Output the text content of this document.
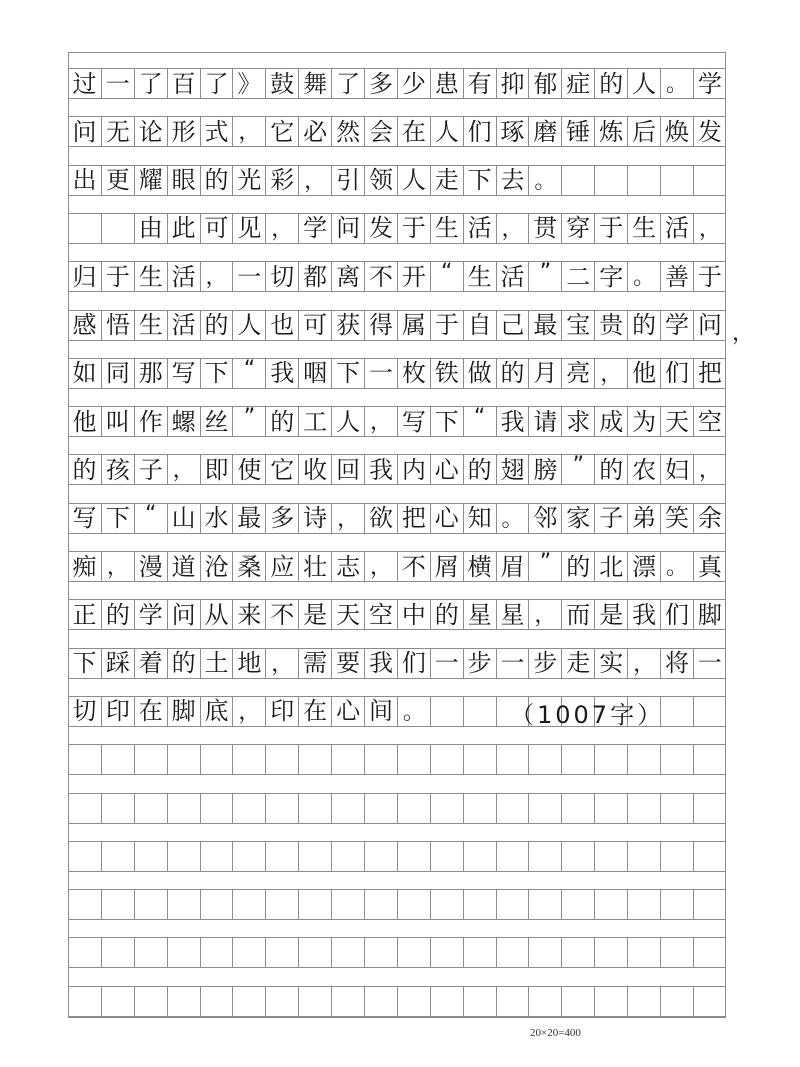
过 一 了 百 了 》 鼓 舞 了 多 少 患 有 抑 郁 症 的 人 。 学
问 无 论 形 式 ， 它 必 然 会 在 人 们 琢 磨 锤 炼 后 焕 发
出 更 耀 眼 的 光 彩 ， 引 领 人 走 下 去 。
由 此 可 见 ， 学 问 发 于 生 活 ， 贯 穿 于 生 活 ，
归 于 生 活 ， 一 切 都 离 不 开 “ 生 活 ” 二 字 。 善 于
感 悟 生 活 的 人 也 可 获 得 属 于 自 己 最 宝 贵 的 学 问
如 同 那 写 下 “ 我 咽 下 一 枚 铁 做 的 月 亮 ， 他 们 把
他 叫 作 螺 丝 ” 的 工 人 ， 写 下 “ 我 请 求 成 为 天 空
的 孩 子 ， 即 使 它 收 回 我 内 心 的 翅 膀 ” 的 农 妇 ，
写 下 “ 山 水 最 多 诗 ， 欲 把 心 知 。 邻 家 子 弟 笑 余
痴 ， 漫 道 沧 桑 应 壮 志 ， 不 屑 横 眉 ” 的 北 漂 。 真
正 的 学 问 从 来 不 是 天 空 中 的 星 星 ， 而 是 我 们 脚
下 踩 着 的 土 地 ， 需 要 我 们 一 步 一 步 走 实 ， 将 一
切 印 在 脚 底 ， 印 在 心 间 。	（1007字）
20×20=400
，
